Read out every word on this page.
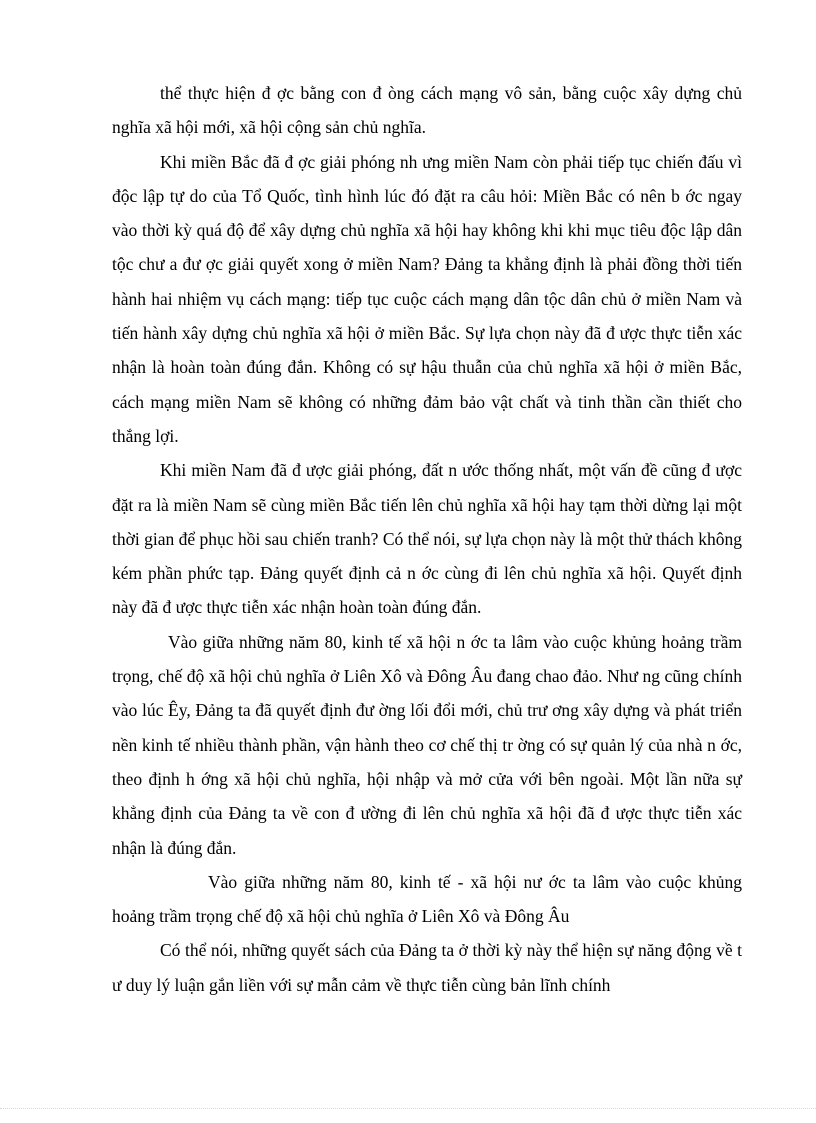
thể thực hiện đ ợc bằng con đ òng cách mạng vô sản, bằng cuộc xây dựng chủ nghĩa xã hội mới, xã hội cộng sản chủ nghĩa.

Khi miền Bắc đã đ ợc giải phóng nh ưng miền Nam còn phải tiếp tục chiến đấu vì độc lập tự do của Tổ Quốc, tình hình lúc đó đặt ra câu hỏi: Miền Bắc có nên b ớc ngay vào thời kỳ quá độ để xây dựng chủ nghĩa xã hội hay không khi khi mục tiêu độc lập dân tộc chư a đư ợc giải quyết xong ở miền Nam? Đảng ta khẳng định là phải đồng thời tiến hành hai nhiệm vụ cách mạng: tiếp tục cuộc cách mạng dân tộc dân chủ ở miền Nam và tiến hành xây dựng chủ nghĩa xã hội ở miền Bắc. Sự lựa chọn này đã đ ược thực tiễn xác nhận là hoàn toàn đúng đắn. Không có sự hậu thuẫn của chủ nghĩa xã hội ở miền Bắc, cách mạng miền Nam sẽ không có những đảm bảo vật chất và tinh thần cần thiết cho thắng lợi.

Khi miền Nam đã đ ược giải phóng, đất n ước thống nhất, một vấn đề cũng đ ược đặt ra là miền Nam sẽ cùng miền Bắc tiến lên chủ nghĩa xã hội hay tạm thời dừng lại một thời gian để phục hồi sau chiến tranh? Có thể nói, sự lựa chọn này là một thử thách không kém phần phức tạp. Đảng quyết định cả n ớc cùng đi lên chủ nghĩa xã hội. Quyết định này đã đ ược thực tiễn xác nhận hoàn toàn đúng đắn.

Vào giữa những năm 80, kinh tế xã hội n ớc ta lâm vào cuộc khủng hoảng trầm trọng, chế độ xã hội chủ nghĩa ở Liên Xô và Đông Âu đang chao đảo. Như ng cũng chính vào lúc Êy, Đảng ta đã quyết định đư ờng lối đổi mới, chủ trư ơng xây dựng và phát triển nền kinh tế nhiều thành phần, vận hành theo cơ chế thị tr ờng có sự quản lý của nhà n ớc, theo định h ớng xã hội chủ nghĩa, hội nhập và mở cửa với bên ngoài. Một lần nữa sự khẳng định của Đảng ta về con đ ường đi lên chủ nghĩa xã hội đã đ ược thực tiễn xác nhận là đúng đắn.

Vào giữa những năm 80, kinh tế - xã hội nư ớc ta lâm vào cuộc khủng hoảng trầm trọng chế độ xã hội chủ nghĩa ở Liên Xô và Đông Âu

Có thể nói, những quyết sách của Đảng ta ở thời kỳ này thể hiện sự năng động về t ư duy lý luận gắn liền với sự mẫn cảm về thực tiễn cùng bản lĩnh chính
